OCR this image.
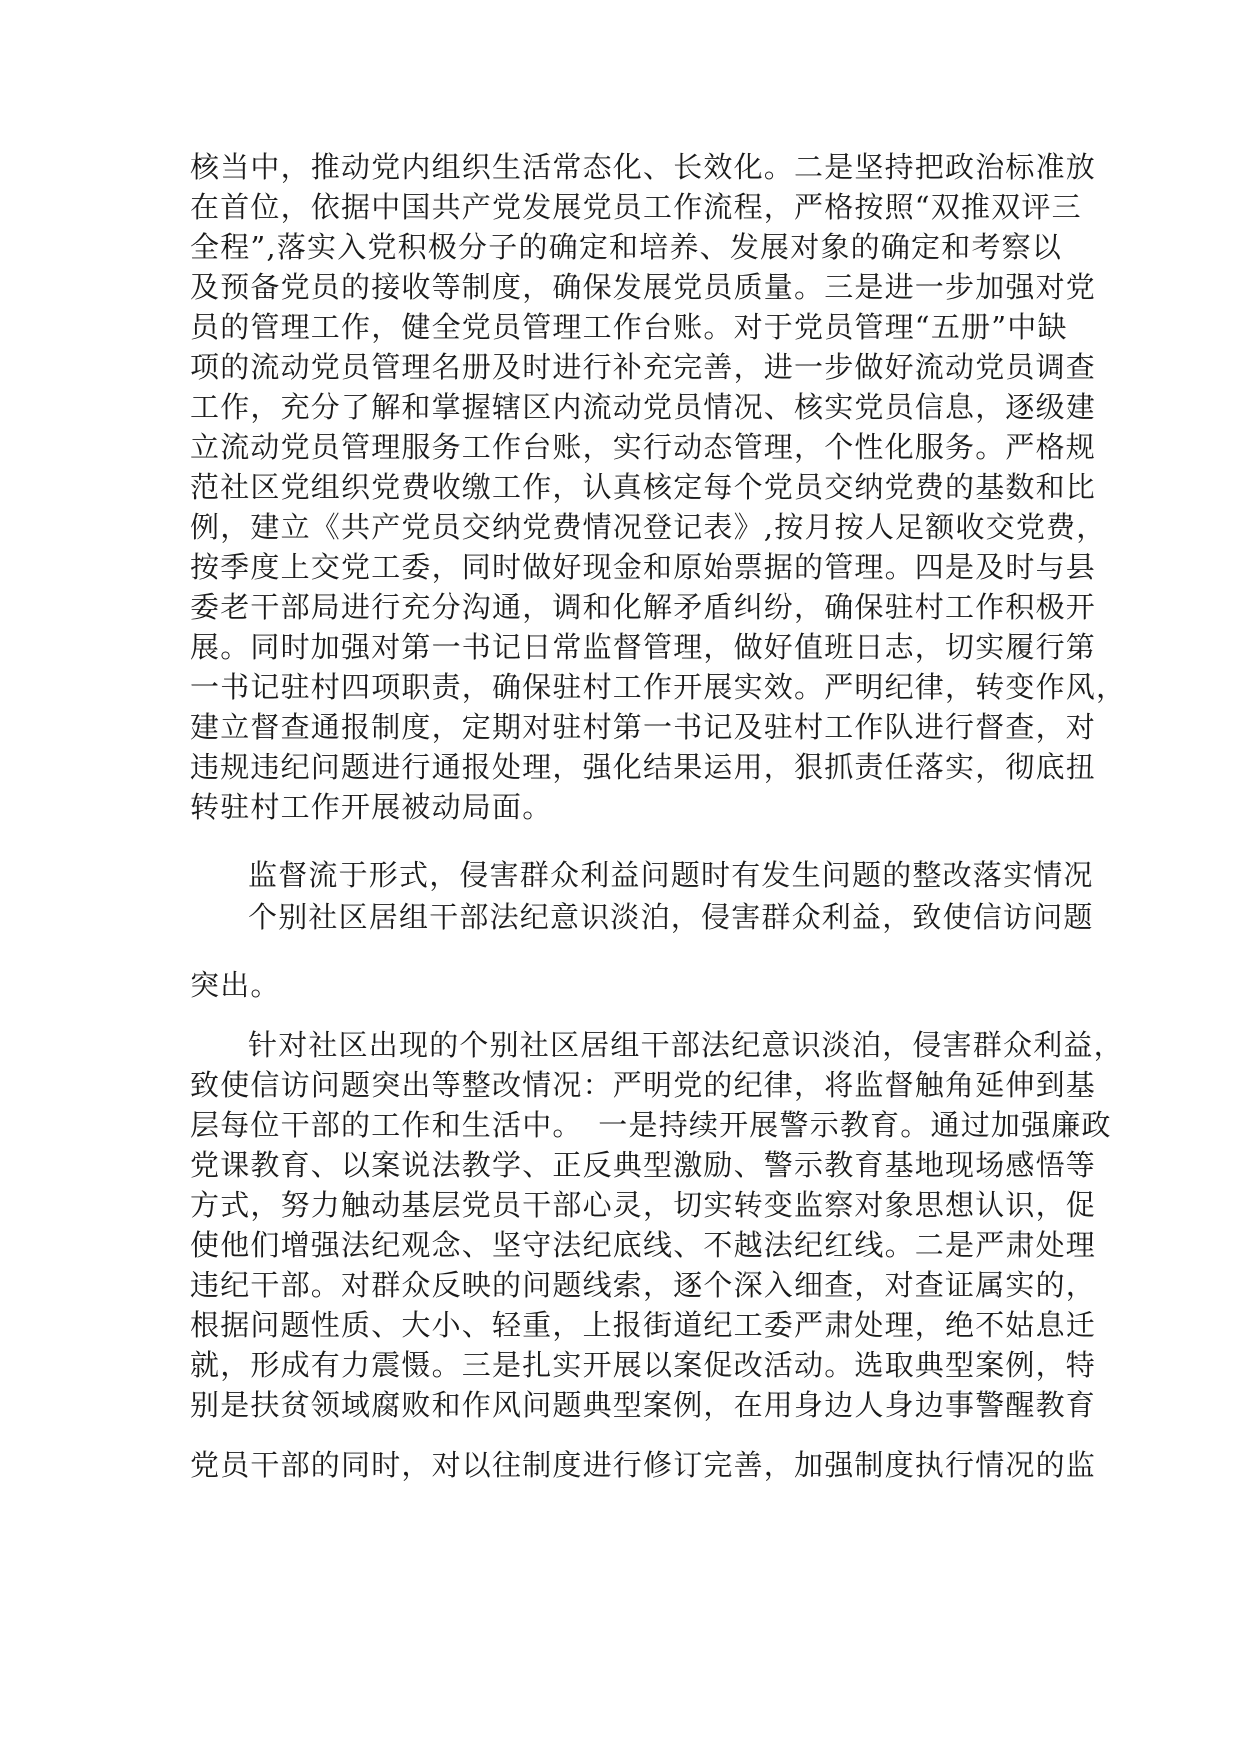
核当中，推动党内组织生活常态化、长效化。二是坚持把政治标准放
在首位，依据中国共产党发展党员工作流程，严格按照“双推双评三
全程”,落实入党积极分子的确定和培养、发展对象的确定和考察以
及预备党员的接收等制度，确保发展党员质量。三是进一步加强对党
员的管理工作，健全党员管理工作台账。对于党员管理“五册”中缺
项的流动党员管理名册及时进行补充完善，进一步做好流动党员调查
工作，充分了解和掌握辖区内流动党员情况、核实党员信息，逐级建
立流动党员管理服务工作台账，实行动态管理，个性化服务。严格规
范社区党组织党费收缴工作，认真核定每个党员交纳党费的基数和比
例，建立《共产党员交纳党费情况登记表》,按月按人足额收交党费，
按季度上交党工委，同时做好现金和原始票据的管理。四是及时与县
委老干部局进行充分沟通，调和化解矛盾纠纷，确保驻村工作积极开
展。同时加强对第一书记日常监督管理，做好值班日志，切实履行第
一书记驻村四项职责，确保驻村工作开展实效。严明纪律，转变作风，
建立督查通报制度，定期对驻村第一书记及驻村工作队进行督查，对
违规违纪问题进行通报处理，强化结果运用，狠抓责任落实，彻底扭
转驻村工作开展被动局面。
监督流于形式，侵害群众利益问题时有发生问题的整改落实情况
个别社区居组干部法纪意识淡泊，侵害群众利益，致使信访问题
突出。
针对社区出现的个别社区居组干部法纪意识淡泊，侵害群众利益，
致使信访问题突出等整改情况：严明党的纪律，将监督触角延伸到基
层每位干部的工作和生活中。　一是持续开展警示教育。通过加强廉政
党课教育、以案说法教学、正反典型激励、警示教育基地现场感悟等
方式，努力触动基层党员干部心灵，切实转变监察对象思想认识，促
使他们增强法纪观念、坚守法纪底线、不越法纪红线。二是严肃处理
违纪干部。对群众反映的问题线索，逐个深入细查，对查证属实的，
根据问题性质、大小、轻重，上报街道纪工委严肃处理，绝不姑息迁
就，形成有力震慑。三是扎实开展以案促改活动。选取典型案例，特
别是扶贫领域腐败和作风问题典型案例，在用身边人身边事警醒教育
党员干部的同时，对以往制度进行修订完善，加强制度执行情况的监
